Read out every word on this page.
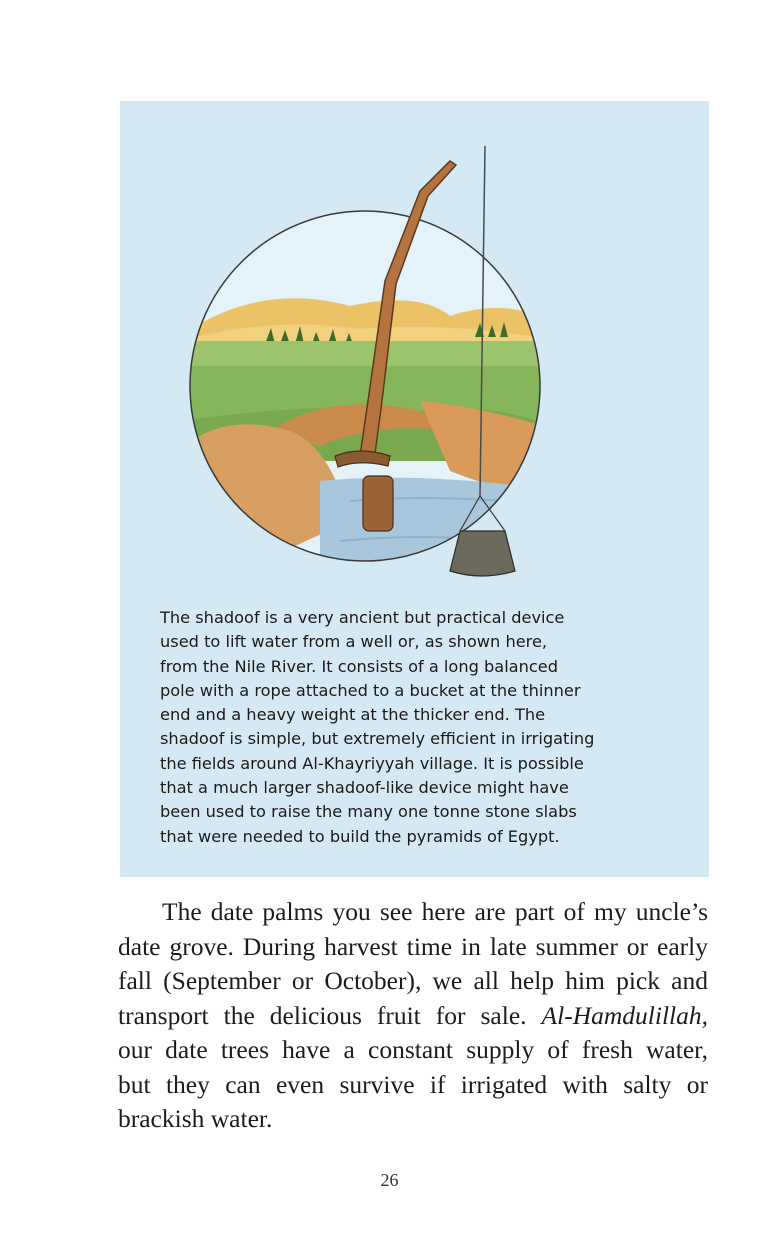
The shadoof is a very ancient but practical device
used to lift water from a well or, as shown here,
from the Nile River. It consists of a long balanced
pole with a rope attached to a bucket at the thinner
end and a heavy weight at the thicker end. The
shadoof is simple, but extremely efficient in irrigating
the fields around Al-Khayriyyah village. It is possible
that a much larger shadoof-like device might have
been used to raise the many one tonne stone slabs
that were needed to build the pyramids of Egypt.
The date palms you see here are part of my uncle’s
date grove. During harvest time in late summer or early
fall (September or October), we all help him pick and
transport the delicious fruit for sale. Al-Hamdulillah,
our date trees have a constant supply of fresh water,
but they can even survive if irrigated with salty or
brackish water.
26
